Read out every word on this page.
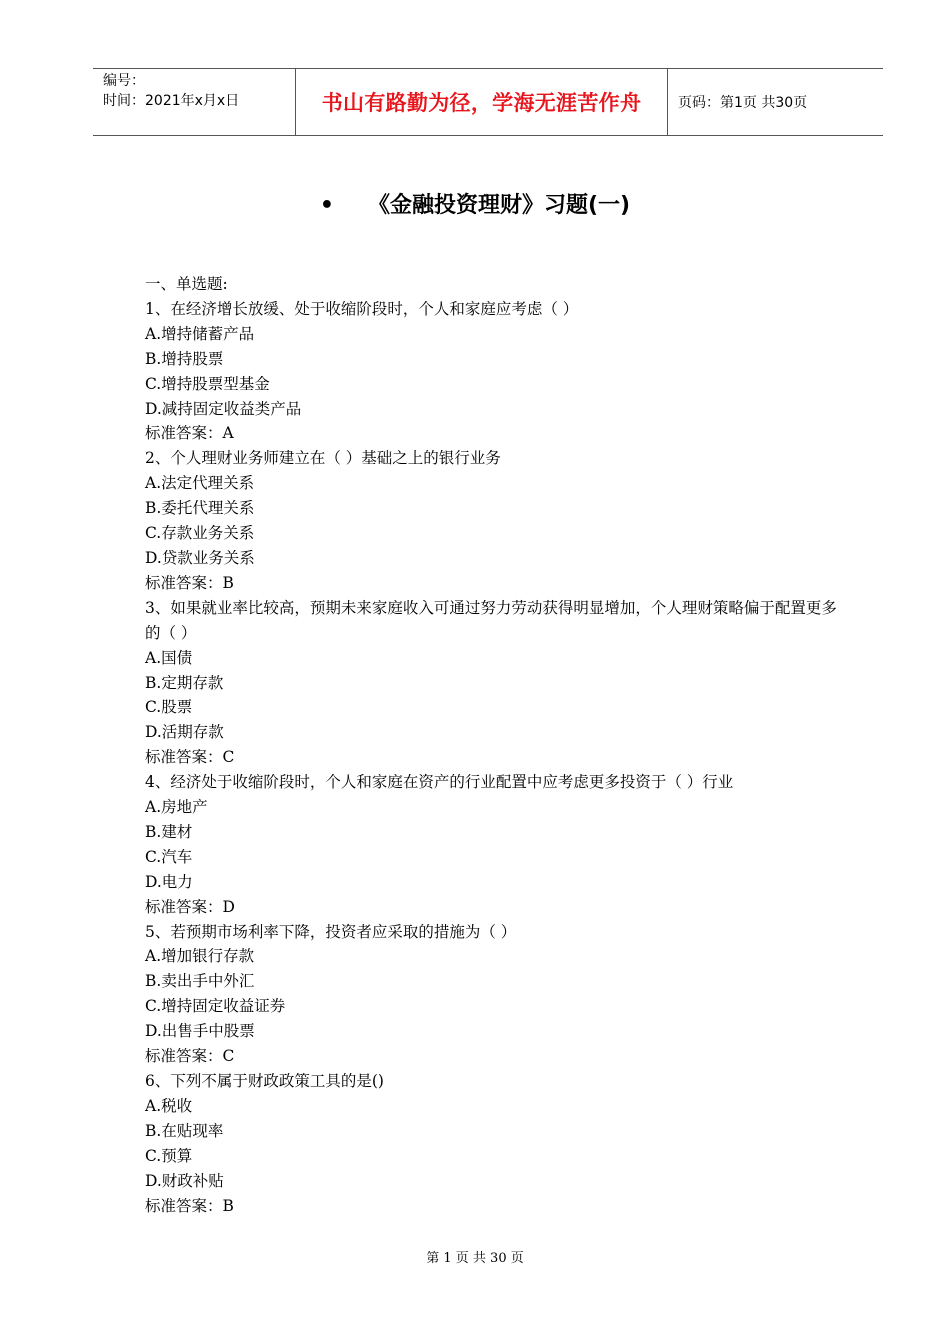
编号：
时间：2021年x月x日	书山有路勤为径，学海无涯苦作舟	页码：第1页 共30页
• 《金融投资理财》习题(一)

一、单选题:

1、在经济增长放缓、处于收缩阶段时，个人和家庭应考虑（ ）

A.增持储蓄产品

B.增持股票

C.增持股票型基金

D.减持固定收益类产品

标准答案：A

2、个人理财业务师建立在（ ）基础之上的银行业务

A.法定代理关系

B.委托代理关系

C.存款业务关系

D.贷款业务关系

标准答案：B

3、如果就业率比较高，预期未来家庭收入可通过努力劳动获得明显增加，个人理财策略偏于配置更多的（ ）

A.国债

B.定期存款

C.股票

D.活期存款

标准答案：C

4、经济处于收缩阶段时，个人和家庭在资产的行业配置中应考虑更多投资于（ ）行业

A.房地产

B.建材

C.汽车

D.电力

标准答案：D

5、若预期市场利率下降，投资者应采取的措施为（ ）

A.增加银行存款

B.卖出手中外汇

C.增持固定收益证券

D.出售手中股票

标准答案：C

6、下列不属于财政政策工具的是()

A.税收

B.在贴现率

C.预算

D.财政补贴

标准答案：B

第 1 页 共 30 页
